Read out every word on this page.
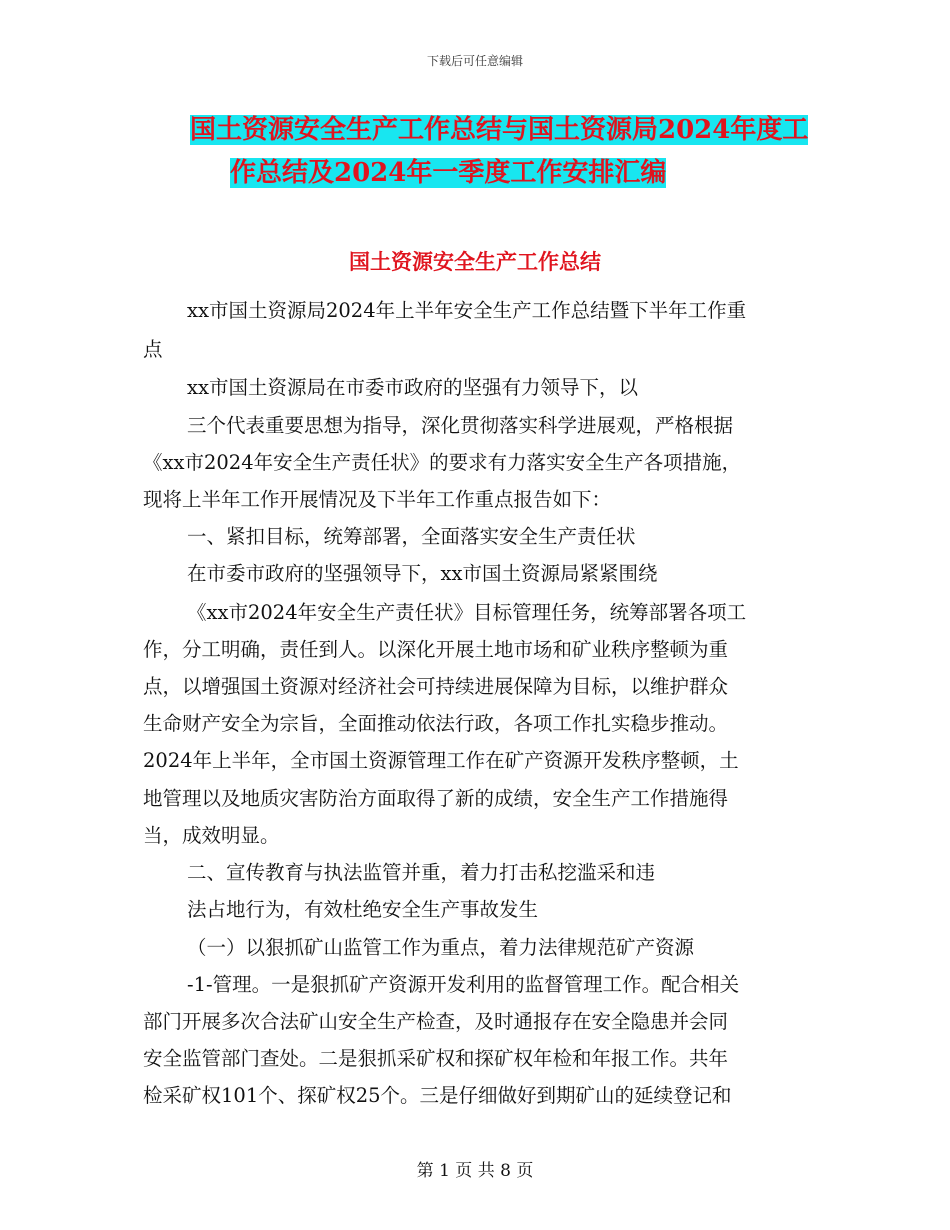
下载后可任意编辑
国土资源安全生产工作总结与国土资源局2024年度工
作总结及2024年一季度工作安排汇编
国土资源安全生产工作总结
xx市国土资源局2024年上半年安全生产工作总结暨下半年工作重
点
xx市国土资源局在市委市政府的坚强有力领导下，以
三个代表重要思想为指导，深化贯彻落实科学进展观，严格根据
《xx市2024年安全生产责任状》的要求有力落实安全生产各项措施，
现将上半年工作开展情况及下半年工作重点报告如下：
一、紧扣目标，统筹部署，全面落实安全生产责任状
在市委市政府的坚强领导下，xx市国土资源局紧紧围绕
《xx市2024年安全生产责任状》目标管理任务，统筹部署各项工
作，分工明确，责任到人。以深化开展土地市场和矿业秩序整顿为重
点，以增强国土资源对经济社会可持续进展保障为目标，以维护群众
生命财产安全为宗旨，全面推动依法行政，各项工作扎实稳步推动。
2024年上半年，全市国土资源管理工作在矿产资源开发秩序整顿，土
地管理以及地质灾害防治方面取得了新的成绩，安全生产工作措施得
当，成效明显。
二、宣传教育与执法监管并重，着力打击私挖滥采和违
法占地行为，有效杜绝安全生产事故发生
（一）以狠抓矿山监管工作为重点，着力法律规范矿产资源
-1-管理。一是狠抓矿产资源开发利用的监督管理工作。配合相关
部门开展多次合法矿山安全生产检查，及时通报存在安全隐患并会同
安全监管部门查处。二是狠抓采矿权和探矿权年检和年报工作。共年
检采矿权101个、探矿权25个。三是仔细做好到期矿山的延续登记和
第 1 页 共 8 页
